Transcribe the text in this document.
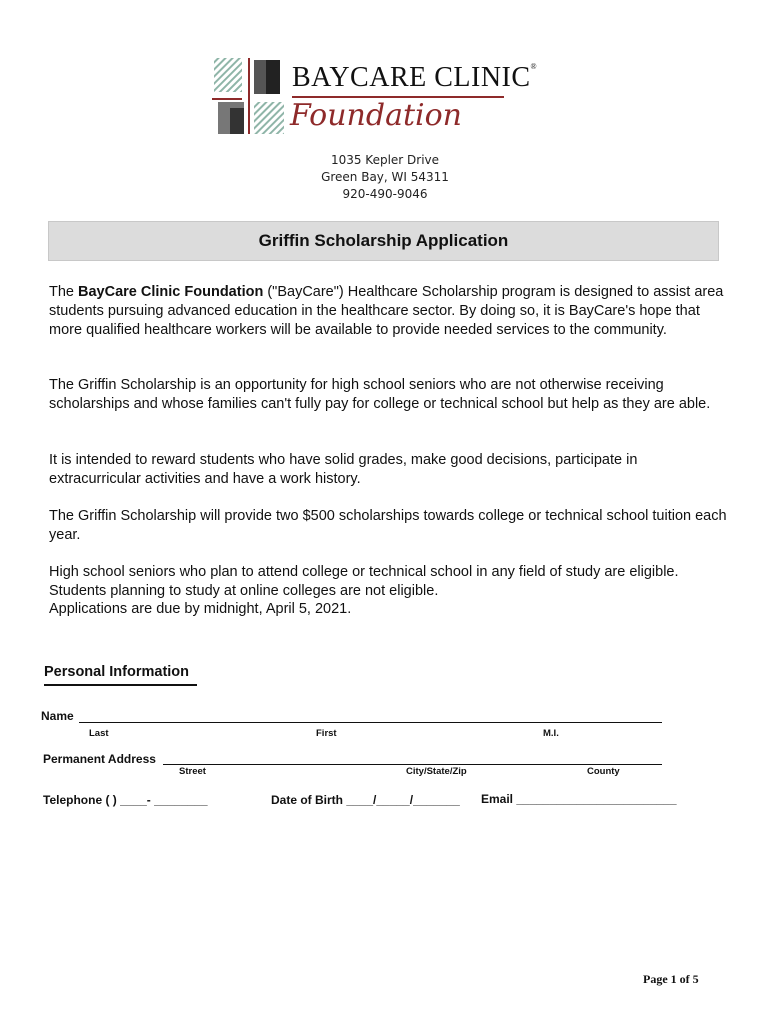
BAYCARE CLINIC®
Foundation
1035 Kepler Drive
Green Bay, WI 54311
920-490-9046
Griffin Scholarship Application
The BayCare Clinic Foundation ("BayCare") Healthcare Scholarship program is designed to assist area students pursuing advanced education in the healthcare sector. By doing so, it is BayCare's hope that more qualified healthcare workers will be available to provide needed services to the community.
The Griffin Scholarship is an opportunity for high school seniors who are not otherwise receiving scholarships and whose families can't fully pay for college or technical school but help as they are able.
It is intended to reward students who have solid grades, make good decisions, participate in extracurricular activities and have a work history.
The Griffin Scholarship will provide two $500 scholarships towards college or technical school tuition each year.
High school seniors who plan to attend college or technical school in any field of study are eligible. Students planning to study at online colleges are not eligible.
Applications are due by midnight, April 5, 2021.
Personal Information
Name
Last	First	M.I.
Permanent Address
Street	City/State/Zip	County
Telephone ( ) ____- ________	Date of Birth ____/_____/_______ Email ________________________
Page 1 of 5
